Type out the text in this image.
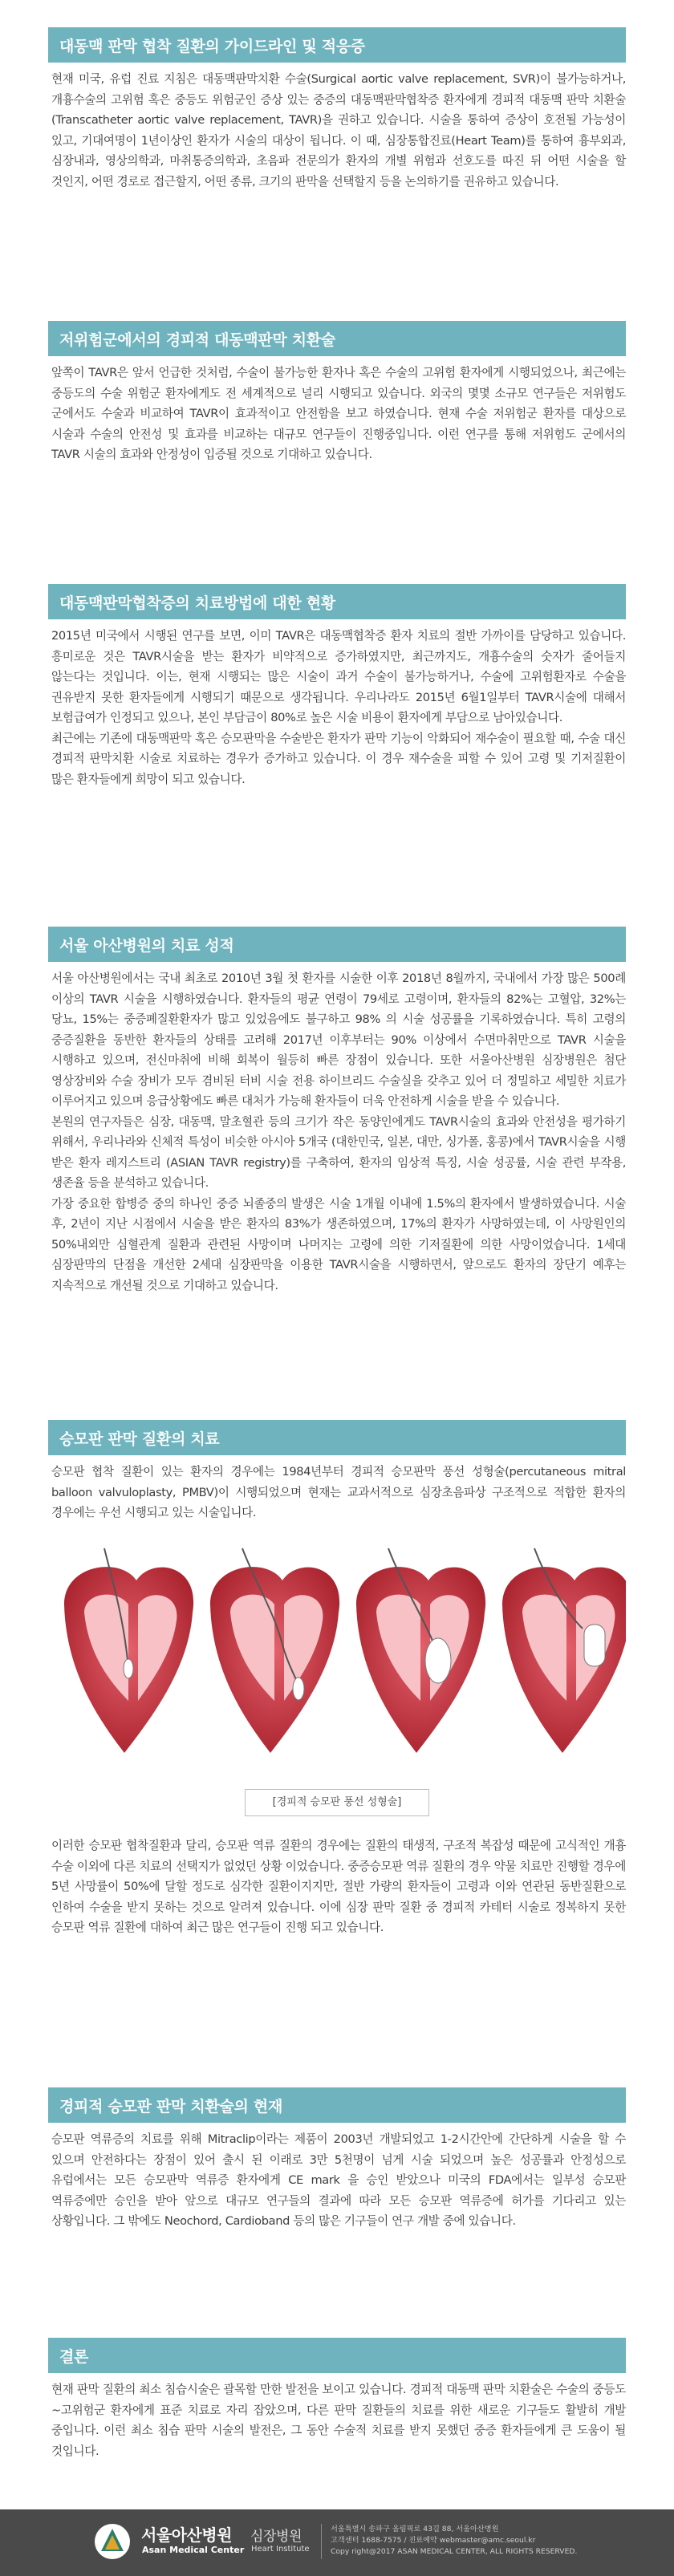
대동맥 판막 협착 질환의 가이드라인 및 적응증

현재 미국, 유럽 진료 지침은 대동맥판막치환 수술(Surgical aortic valve replacement, SVR)이 불가능하거나, 개흉수술의 고위험 혹은 중등도 위험군인 증상 있는 중증의 대동맥판막협착증 환자에게 경피적 대동맥 판막 치환술(Transcatheter aortic valve replacement, TAVR)을 권하고 있습니다. 시술을 통하여 증상이 호전될 가능성이 있고, 기대여명이 1년이상인 환자가 시술의 대상이 됩니다. 이 때, 심장통합진료(Heart Team)를 통하여 흉부외과, 심장내과, 영상의학과, 마취통증의학과, 초음파 전문의가 환자의 개별 위험과 선호도를 따진 뒤 어떤 시술을 할 것인지, 어떤 경로로 접근할지, 어떤 종류, 크기의 판막을 선택할지 등을 논의하기를 권유하고 있습니다.

저위험군에서의 경피적 대동맥판막 치환술

앞쪽이 TAVR은 앞서 언급한 것처럼, 수술이 불가능한 환자나 혹은 수술의 고위험 환자에게 시행되었으나, 최근에는 중등도의 수술 위험군 환자에게도 전 세계적으로 널리 시행되고 있습니다. 외국의 몇몇 소규모 연구들은 저위험도 군에서도 수술과 비교하여 TAVR이 효과적이고 안전함을 보고 하였습니다. 현재 수술 저위험군 환자를 대상으로 시술과 수술의 안전성 및 효과를 비교하는 대규모 연구들이 진행중입니다. 이런 연구를 통해 저위험도 군에서의 TAVR 시술의 효과와 안정성이 입증될 것으로 기대하고 있습니다.

대동맥판막협착증의 치료방법에 대한 현황

2015년 미국에서 시행된 연구를 보면, 이미 TAVR은 대동맥협착증 환자 치료의 절반 가까이를 담당하고 있습니다. 흥미로운 것은 TAVR시술을 받는 환자가 비약적으로 증가하였지만, 최근까지도, 개흉수술의 숫자가 줄어들지 않는다는 것입니다. 이는, 현재 시행되는 많은 시술이 과거 수술이 불가능하거나, 수술에 고위험환자로 수술을 권유받지 못한 환자들에게 시행되기 때문으로 생각됩니다. 우리나라도 2015년 6월1일부터 TAVR시술에 대해서 보험급여가 인정되고 있으나, 본인 부담금이 80%로 높은 시술 비용이 환자에게 부담으로 남아있습니다.

최근에는 기존에 대동맥판막 혹은 승모판막을 수술받은 환자가 판막 기능이 악화되어 재수술이 필요할 때, 수술 대신 경피적 판막치환 시술로 치료하는 경우가 증가하고 있습니다. 이 경우 재수술을 피할 수 있어 고령 및 기저질환이 많은 환자들에게 희망이 되고 있습니다.

서울 아산병원의 치료 성적

서울 아산병원에서는 국내 최초로 2010년 3월 첫 환자를 시술한 이후 2018년 8월까지, 국내에서 가장 많은 500례 이상의 TAVR 시술을 시행하였습니다. 환자들의 평균 연령이 79세로 고령이며, 환자들의 82%는 고혈압, 32%는 당뇨, 15%는 중증폐질환환자가 많고 있었음에도 불구하고 98% 의 시술 성공률을 기록하였습니다. 특히 고령의 중증질환을 동반한 환자들의 상태를 고려해 2017년 이후부터는 90% 이상에서 수면마취만으로 TAVR 시술을 시행하고 있으며, 전신마취에 비해 회복이 월등히 빠른 장점이 있습니다. 또한 서울아산병원 심장병원은 첨단 영상장비와 수술 장비가 모두 겸비된 터비 시술 전용 하이브리드 수술실을 갖추고 있어 더 정밀하고 세밀한 치료가 이루어지고 있으며 응급상황에도 빠른 대처가 가능해 환자들이 더욱 안전하게 시술을 받을 수 있습니다.

본원의 연구자들은 심장, 대동맥, 말초혈관 등의 크기가 작은 동양인에게도 TAVR시술의 효과와 안전성을 평가하기 위해서, 우리나라와 신체적 특성이 비슷한 아시아 5개국 (대한민국, 일본, 대만, 싱가폴, 홍콩)에서 TAVR시술을 시행 받은 환자 레지스트리 (ASIAN TAVR registry)를 구축하여, 환자의 임상적 특징, 시술 성공률, 시술 관련 부작용, 생존율 등을 분석하고 있습니다.

가장 중요한 합병증 중의 하나인 중증 뇌졸중의 발생은 시술 1개월 이내에 1.5%의 환자에서 발생하였습니다. 시술 후, 2년이 지난 시점에서 시술을 받은 환자의 83%가 생존하였으며, 17%의 환자가 사망하였는데, 이 사망원인의 50%내외만 심혈관계 질환과 관련된 사망이며 나머지는 고령에 의한 기저질환에 의한 사망이었습니다. 1세대 심장판막의 단점을 개선한 2세대 심장판막을 이용한 TAVR시술을 시행하면서, 앞으로도 환자의 장단기 예후는 지속적으로 개선될 것으로 기대하고 있습니다.

승모판 판막 질환의 치료

승모판 협착 질환이 있는 환자의 경우에는 1984년부터 경피적 승모판막 풍선 성형술(percutaneous mitral balloon valvuloplasty, PMBV)이 시행되었으며 현재는 교과서적으로 심장초음파상 구조적으로 적합한 환자의 경우에는 우선 시행되고 있는 시술입니다.

[경피적 승모판 풍선 성형술]

이러한 승모판 협착질환과 달리, 승모판 역류 질환의 경우에는 질환의 태생적, 구조적 복잡성 때문에 고식적인 개흉 수술 이외에 다른 치료의 선택지가 없었던 상황 이었습니다. 중증승모판 역류 질환의 경우 약물 치료만 진행할 경우에 5년 사망률이 50%에 달할 정도로 심각한 질환이지지만, 절반 가량의 환자들이 고령과 이와 연관된 동반질환으로 인하여 수술을 받지 못하는 것으로 알려져 있습니다. 이에 심장 판막 질환 중 경피적 카테터 시술로 정복하지 못한 승모판 역류 질환에 대하여 최근 많은 연구들이 진행 되고 있습니다.

경피적 승모판 판막 치환술의 현재

승모판 역류증의 치료를 위해 Mitraclip이라는 제품이 2003년 개발되었고 1-2시간안에 간단하게 시술을 할 수 있으며 안전하다는 장점이 있어 출시 된 이래로 3만 5천명이 넘게 시술 되었으며 높은 성공률과 안정성으로 유럽에서는 모든 승모판막 역류증 환자에게 CE mark 을 승인 받았으나 미국의 FDA에서는 일부성 승모판 역류증에만 승인을 받아 앞으로 대규모 연구들의 결과에 따라 모든 승모판 역류증에 허가를 기다리고 있는 상황입니다. 그 밖에도 Neochord, Cardioband 등의 많은 기구들이 연구 개발 중에 있습니다.

결론

현재 판막 질환의 최소 침습시술은 괄목할 만한 발전을 보이고 있습니다. 경피적 대동맥 판막 치환술은 수술의 중등도~고위험군 환자에게 표준 치료로 자리 잡았으며, 다른 판막 질환들의 치료를 위한 새로운 기구들도 활발히 개발 중입니다. 이런 최소 침습 판막 시술의 발전은, 그 동안 수술적 치료를 받지 못했던 중증 환자들에게 큰 도움이 될 것입니다.

서울아산병원
Asan Medical Center
심장병원
Heart Institute
서울특별시 송파구 올림픽로 43길 88, 서울아산병원
고객센터 1688-7575 / 진료예약 webmaster@amc.seoul.kr
Copy right@2017 ASAN MEDICAL CENTER, ALL RIGHTS RESERVED.
